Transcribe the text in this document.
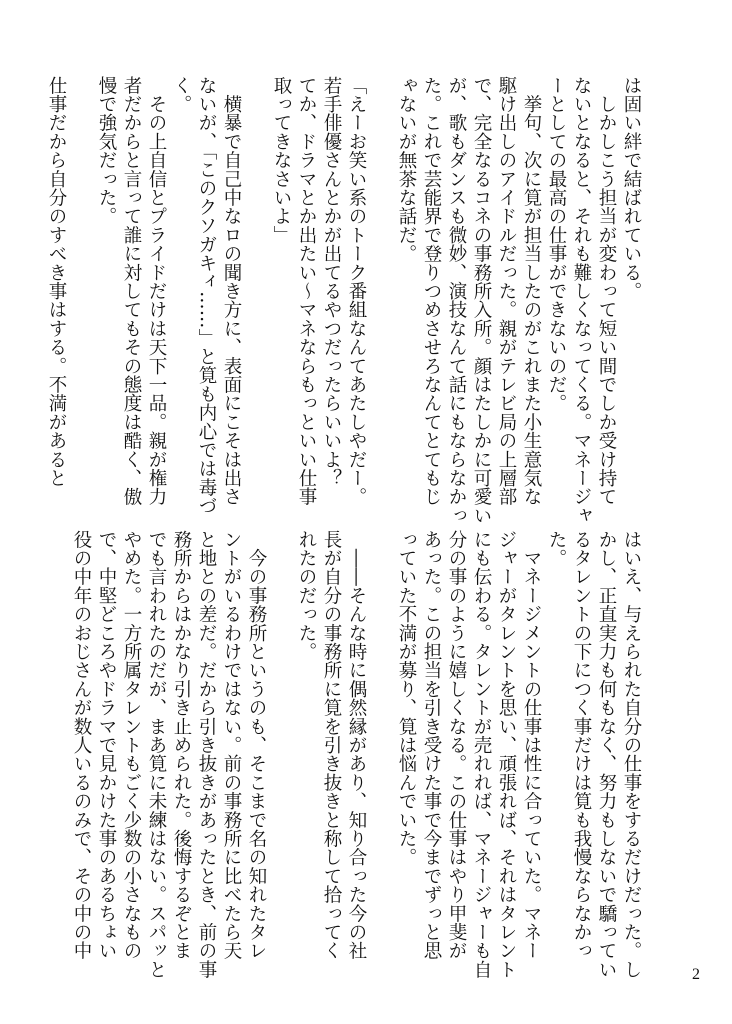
は固い絆で結ばれている。

　しかしこう担当が変わって短い間でしか受け持て

ないとなると、それも難しくなってくる。マネージャ

ーとしての最高の仕事ができないのだ。

　挙句、次に筧が担当したのがこれまた小生意気な

駆け出しのアイドルだった。親がテレビ局の上層部

で、完全なるコネの事務所入所。顔はたしかに可愛い

が、歌もダンスも微妙、演技なんて話にもならなかっ

た。これで芸能界で登りつめさせろなんてとてもじ

ゃないが無茶な話だ。

「えーお笑い系のトーク番組なんてあたしやだー。

若手俳優さんとかが出てるやつだったらいいよ？

てか、ドラマとか出たい～マネならもっといい仕事

取ってきなさいよ」

　横暴で自己中なロの聞き方に、表面にこそは出さ

ないが、「このクソガキィ……」と筧も内心では毒づ

く。

　その上自信とプライドだけは天下一品。親が権力

者だからと言って誰に対してもその態度は酷く、傲

慢で強気だった。

仕事だから自分のすべき事はする。不満があると

はいえ、与えられた自分の仕事をするだけだった。し

かし、正直実力も何もなく、努力もしないで驕ってい

るタレントの下につく事だけは筧も我慢ならなかっ

た。

　マネージメントの仕事は性に合っていた。マネー

ジャーがタレントを思い、頑張れば、それはタレント

にも伝わる。タレントが売れれば、マネージャーも自

分の事のように嬉しくなる。この仕事はやり甲斐が

あった。この担当を引き受けた事で今までずっと思

っていた不満が募り、筧は悩んでいた。

　――そんな時に偶然縁があり、知り合った今の社

長が自分の事務所に筧を引き抜きと称して拾ってく

れたのだった。

　今の事務所というのも、そこまで名の知れたタレ

ントがいるわけではない。前の事務所に比べたら天

と地との差だ。だから引き抜きがあったとき、前の事

務所からはかなり引き止められた。後悔するぞとま

でも言われたのだが、まあ筧に未練はない。スパッと

やめた。一方所属タレントもごく少数の小さなもの

で、中堅どころやドラマで見かけた事のあるちょい

役の中年のおじさんが数人いるのみで、その中の中

2
